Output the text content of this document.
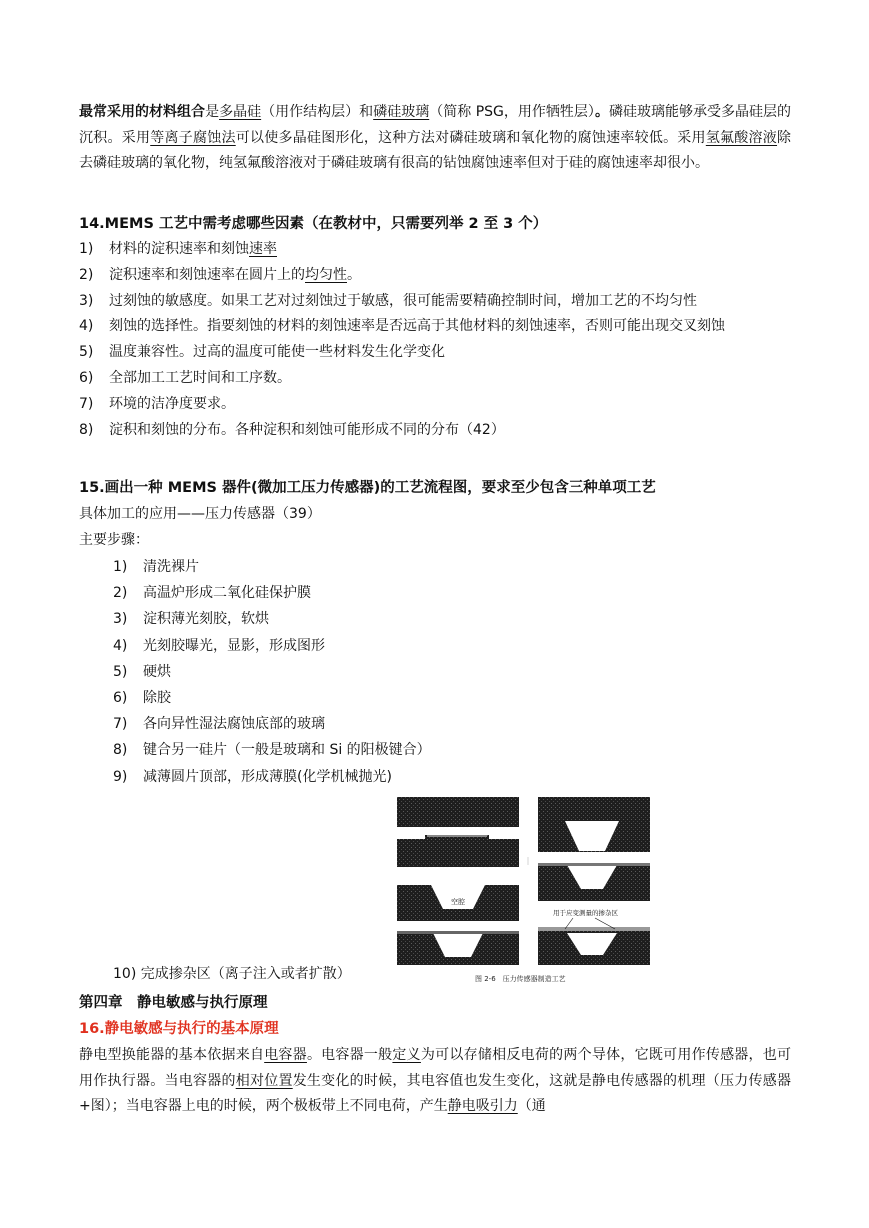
最常采用的材料组合是多晶硅（用作结构层）和磷硅玻璃（简称 PSG，用作牺牲层）。磷硅玻璃能够承受多晶硅层的沉积。采用等离子腐蚀法可以使多晶硅图形化，这种方法对磷硅玻璃和氧化物的腐蚀速率较低。采用氢氟酸溶液除去磷硅玻璃的氧化物，纯氢氟酸溶液对于磷硅玻璃有很高的钻蚀腐蚀速率但对于硅的腐蚀速率却很小。
14.MEMS 工艺中需考虑哪些因素（在教材中，只需要列举 2 至 3 个）
1) 材料的淀积速率和刻蚀速率
2) 淀积速率和刻蚀速率在圆片上的均匀性。
3) 过刻蚀的敏感度。如果工艺对过刻蚀过于敏感，很可能需要精确控制时间，增加工艺的不均匀性
4) 刻蚀的选择性。指要刻蚀的材料的刻蚀速率是否远高于其他材料的刻蚀速率，否则可能出现交叉刻蚀
5) 温度兼容性。过高的温度可能使一些材料发生化学变化
6) 全部加工工艺时间和工序数。
7) 环境的洁净度要求。
8) 淀积和刻蚀的分布。各种淀积和刻蚀可能形成不同的分布（42）
15.画出一种 MEMS 器件(微加工压力传感器)的工艺流程图，要求至少包含三种单项工艺
具体加工的应用——压力传感器（39）
主要步骤：
1) 清洗裸片
2) 高温炉形成二氧化硅保护膜
3) 淀积薄光刻胶，软烘
4) 光刻胶曝光，显影，形成图形
5) 硬烘
6) 除胶
7) 各向异性湿法腐蚀底部的玻璃
8) 键合另一硅片（一般是玻璃和 Si 的阳极键合）
9) 减薄圆片顶部，形成薄膜(化学机械抛光)
空腔
用于应变测量的掺杂区
图 2-6　压力传感器制造工艺
10) 完成掺杂区（离子注入或者扩散）
第四章　静电敏感与执行原理
16.静电敏感与执行的基本原理
静电型换能器的基本依据来自电容器。电容器一般定义为可以存储相反电荷的两个导体，它既可用作传感器，也可用作执行器。当电容器的相对位置发生变化的时候，其电容值也发生变化，这就是静电传感器的机理（压力传感器+图）；当电容器上电的时候，两个极板带上不同电荷，产生静电吸引力（通
